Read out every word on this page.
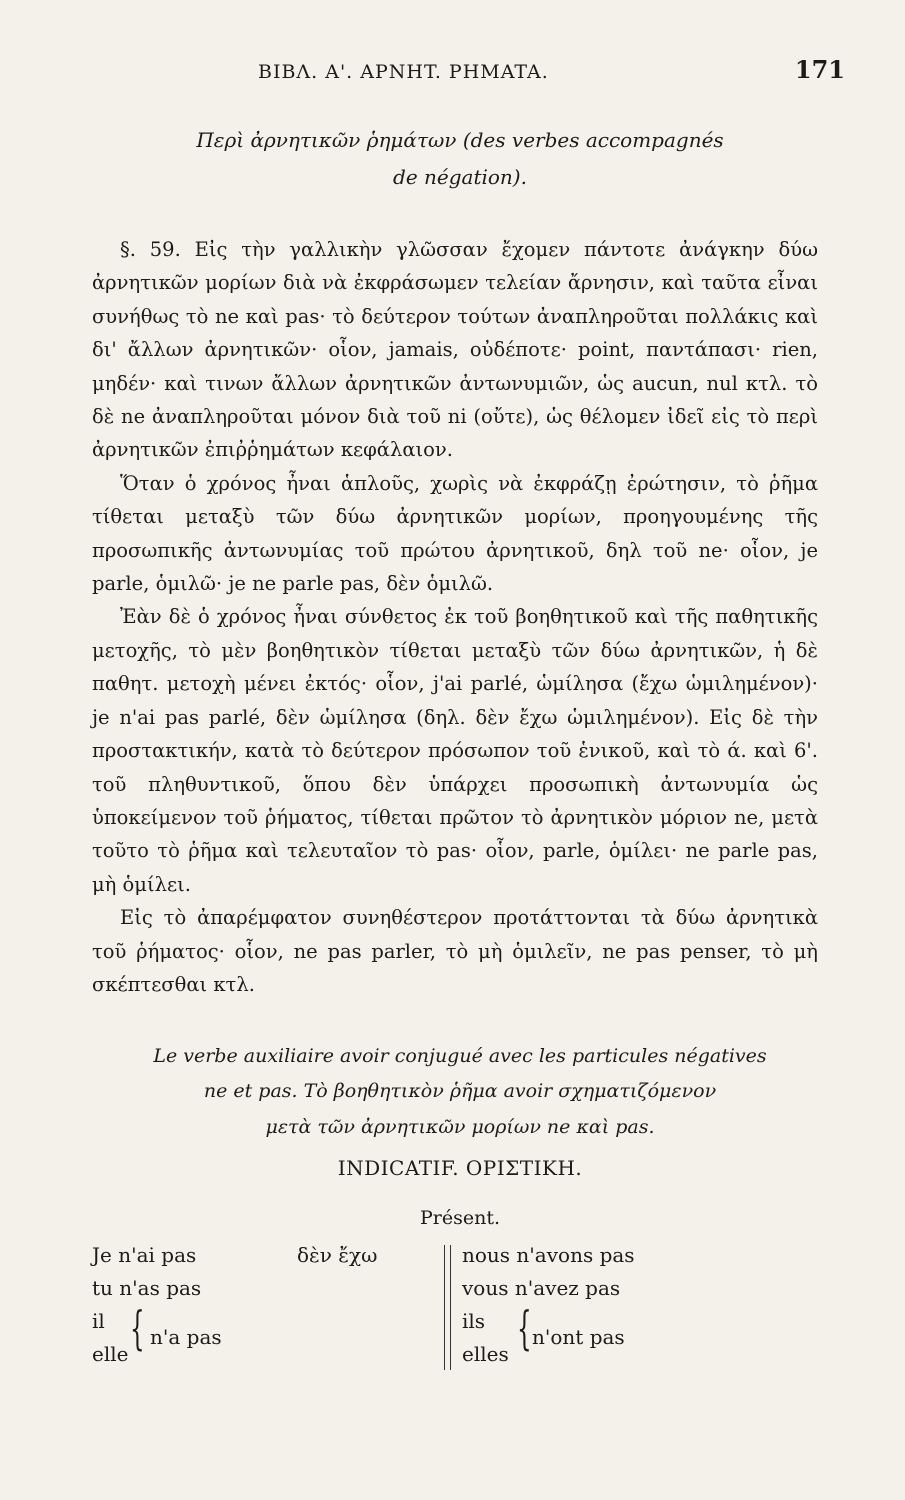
BIBΛ. A'. APNHT. PHMATA.	171
Περὶ ἀρνητικῶν ῥημάτων (des verbes accompagnés
de négation).

§. 59. Εἰς τὴν γαλλικὴν γλῶσσαν ἔχομεν πάντοτε ἀνάγκην δύω ἀρνητικῶν μορίων διὰ νὰ ἐκφράσωμεν τελείαν ἄρνησιν, καὶ ταῦτα εἶναι συνήθως τὸ ne καὶ pas· τὸ δεύτερον τούτων ἀναπληροῦται πολλάκις καὶ δι' ἄλλων ἀρνητικῶν· οἷον, jamais, οὐδέποτε· point, παντάπασι· rien, μηδέν· καὶ τινων ἄλλων ἀρνητικῶν ἀντωνυμιῶν, ὡς aucun, nul κτλ. τὸ δὲ ne ἀναπληροῦται μόνον διὰ τοῦ ni (οὔτε), ὡς θέλομεν ἰδεῖ εἰς τὸ περὶ ἀρνητικῶν ἐπιῤῥημάτων κεφάλαιον.

Ὅταν ὁ χρόνος ἦναι ἁπλοῦς, χωρὶς νὰ ἐκφράζῃ ἐρώτησιν, τὸ ῥῆμα τίθεται μεταξὺ τῶν δύω ἀρνητικῶν μορίων, προηγουμένης τῆς προσωπικῆς ἀντωνυμίας τοῦ πρώτου ἀρνητικοῦ, δηλ τοῦ ne· οἷον, je parle, ὁμιλῶ· je ne parle pas, δὲν ὁμιλῶ.

Ἐὰν δὲ ὁ χρόνος ἦναι σύνθετος ἐκ τοῦ βοηθητικοῦ καὶ τῆς παθητικῆς μετοχῆς, τὸ μὲν βοηθητικὸν τίθεται μεταξὺ τῶν δύω ἀρνητικῶν, ἡ δὲ παθητ. μετοχὴ μένει ἐκτός· οἷον, j'ai parlé, ὡμίλησα (ἔχω ὡμιλημένον)· je n'ai pas parlé, δὲν ὡμίλησα (δηλ. δὲν ἔχω ὡμιλημένον). Εἰς δὲ τὴν προστακτικήν, κατὰ τὸ δεύτερον πρόσωπον τοῦ ἑνικοῦ, καὶ τὸ ά. καὶ 6'. τοῦ πληθυντικοῦ, ὅπου δὲν ὑπάρχει προσωπικὴ ἀντωνυμία ὡς ὑποκείμενον τοῦ ῥήματος, τίθεται πρῶτον τὸ ἀρνητικὸν μόριον ne, μετὰ τοῦτο τὸ ῥῆμα καὶ τελευταῖον τὸ pas· οἷον, parle, ὁμίλει· ne parle pas, μὴ ὁμίλει.

Εἰς τὸ ἀπαρέμφατον συνηθέστερον προτάττονται τὰ δύω ἀρνητικὰ τοῦ ῥήματος· οἷον, ne pas parler, τὸ μὴ ὁμιλεῖν, ne pas penser, τὸ μὴ σκέπτεσθαι κτλ.

Le verbe auxiliaire avoir conjugué avec les particules négatives
ne et pas. Τὸ βοηθητικὸν ῥῆμα avoir σχηματιζόμενον
μετὰ τῶν ἀρνητικῶν μορίων ne καὶ pas.
INDICATIF. OPIΣTIKH.
Présent.
Je n'ai pas	δὲν ἔχω
tu n'as pas
il
elle { n'a pas
nous n'avons pas
vous n'avez pas
ils
elles { n'ont pas
